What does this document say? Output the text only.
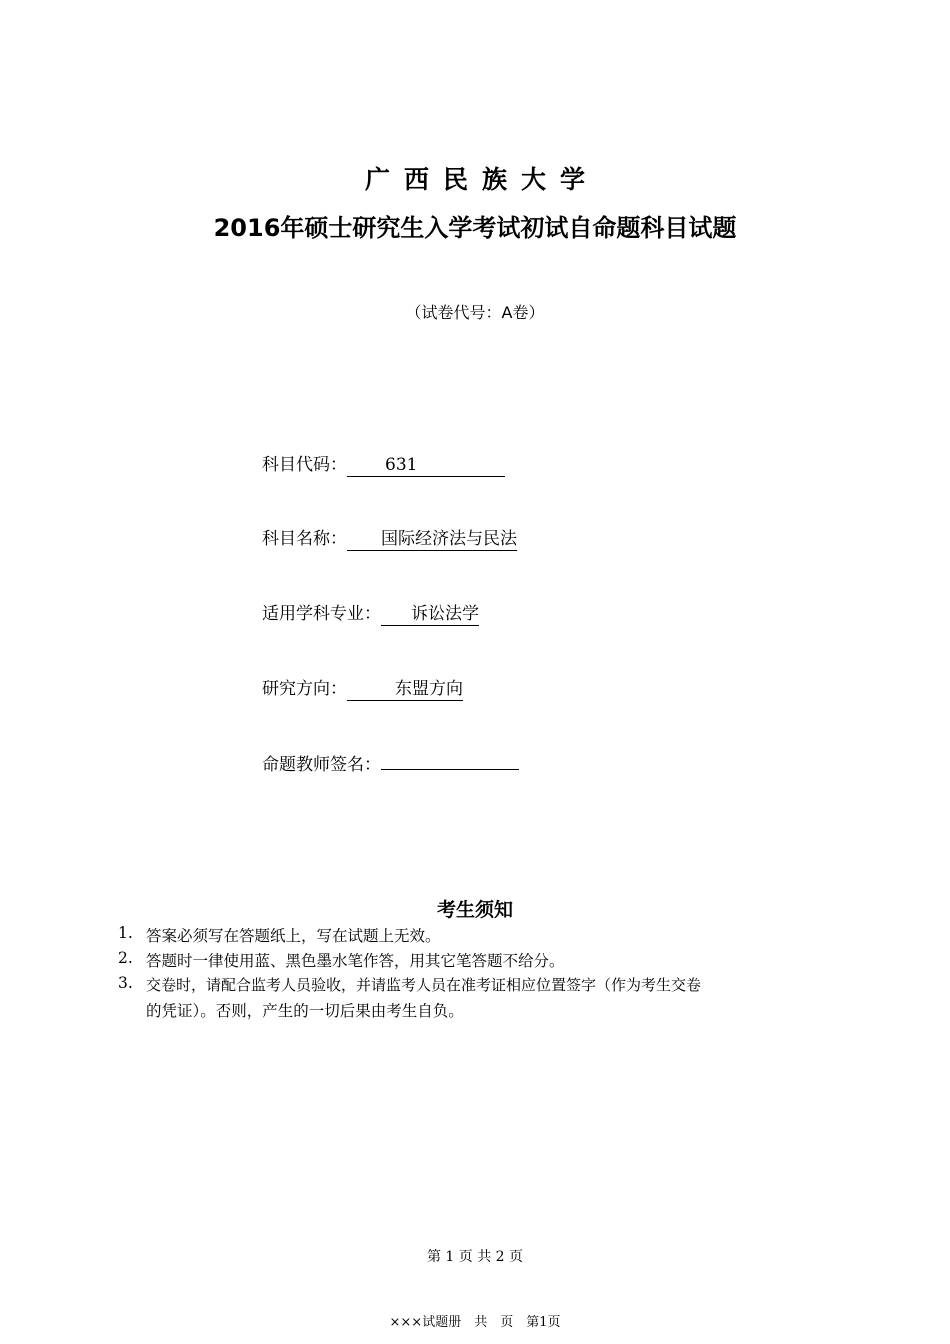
广西民族大学
2016年硕士研究生入学考试初试自命题科目试题
（试卷代号：A卷）
科目代码： 631
科目名称： 国际经济法与民法
适用学科专业： 诉讼法学
研究方向：	东盟方向
命题教师签名：
考生须知
1. 答案必须写在答题纸上，写在试题上无效。
2. 答题时一律使用蓝、黑色墨水笔作答，用其它笔答题不给分。
3. 交卷时，请配合监考人员验收，并请监考人员在准考证相应位置签字（作为考生交卷
的凭证）。否则，产生的一切后果由考生自负。
第 1 页 共 2 页
×××试题册　共　页　第1页
